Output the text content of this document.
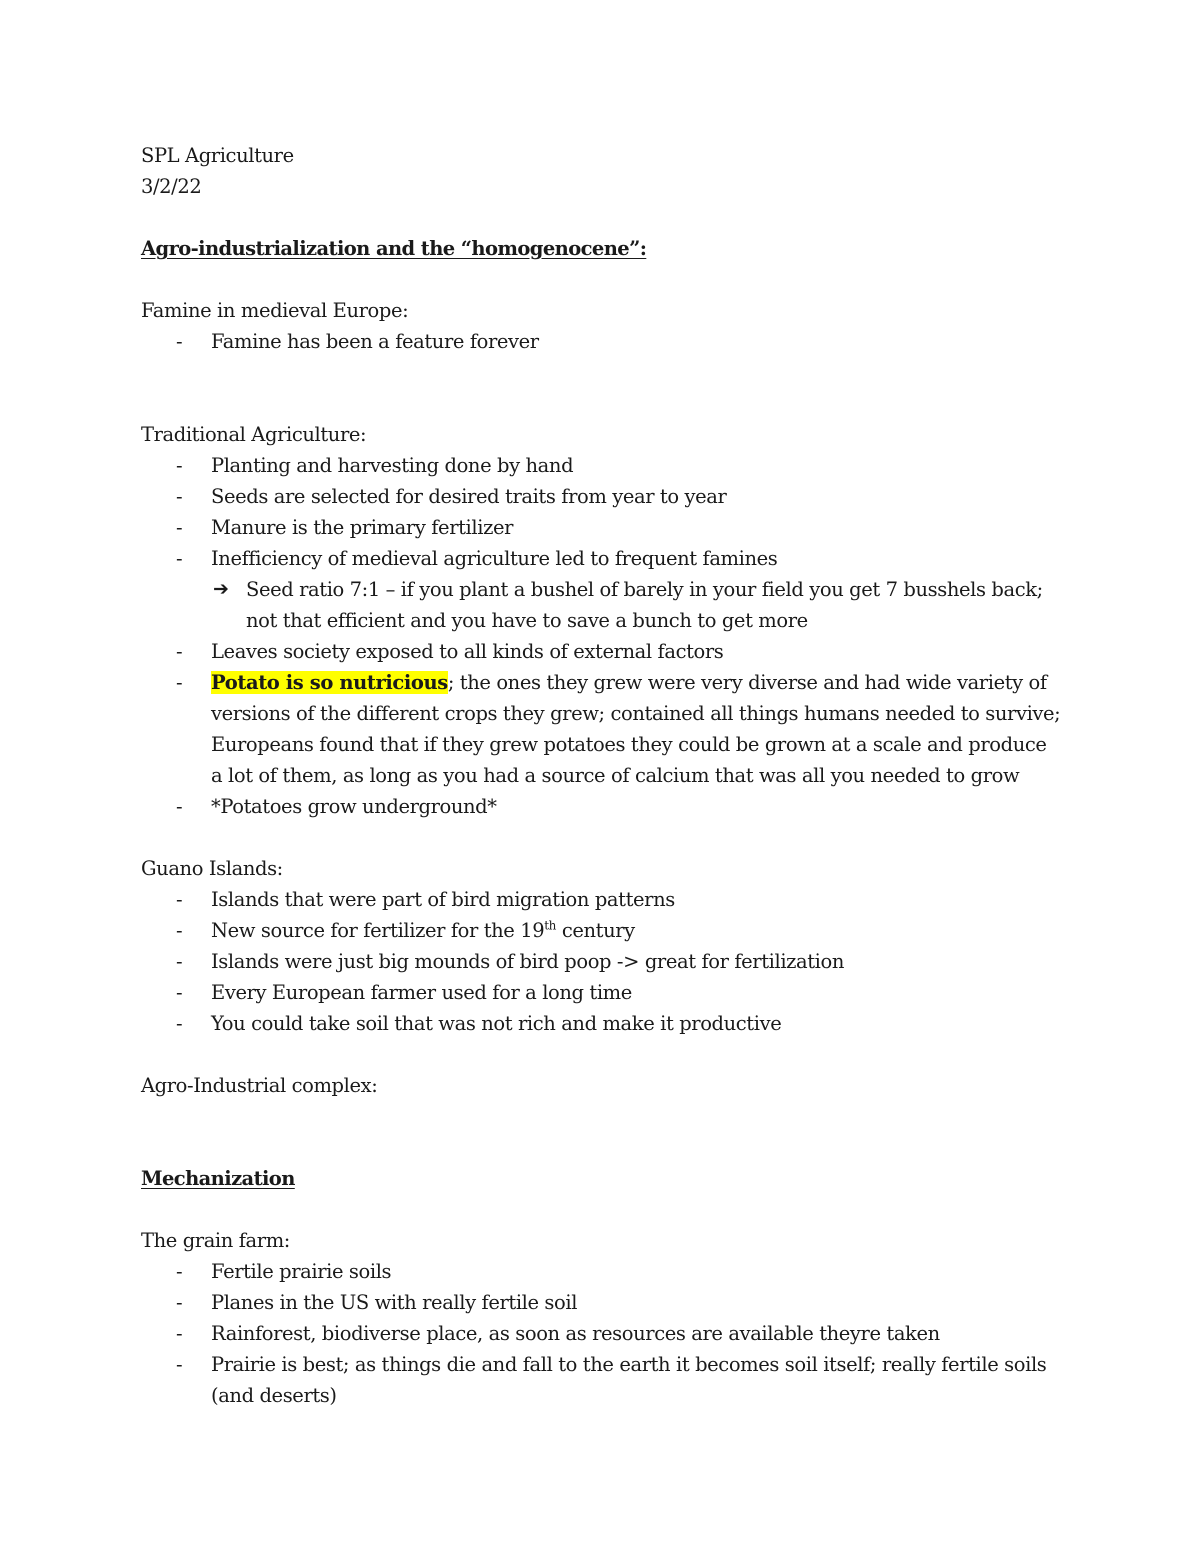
SPL Agriculture
3/2/22
Agro-industrialization and the “homogenocene”:
Famine in medieval Europe:
- Famine has been a feature forever
Traditional Agriculture:
- Planting and harvesting done by hand
- Seeds are selected for desired traits from year to year
- Manure is the primary fertilizer
- Inefficiency of medieval agriculture led to frequent famines
➔ Seed ratio 7:1 – if you plant a bushel of barely in your field you get 7 busshels back; not that efficient and you have to save a bunch to get more
- Leaves society exposed to all kinds of external factors
- Potato is so nutricious; the ones they grew were very diverse and had wide variety of versions of the different crops they grew; contained all things humans needed to survive; Europeans found that if they grew potatoes they could be grown at a scale and produce a lot of them, as long as you had a source of calcium that was all you needed to grow
- *Potatoes grow underground*
Guano Islands:
- Islands that were part of bird migration patterns
- New source for fertilizer for the 19th century
- Islands were just big mounds of bird poop -> great for fertilization
- Every European farmer used for a long time
- You could take soil that was not rich and make it productive
Agro-Industrial complex:
Mechanization
The grain farm:
- Fertile prairie soils
- Planes in the US with really fertile soil
- Rainforest, biodiverse place, as soon as resources are available theyre taken
- Prairie is best; as things die and fall to the earth it becomes soil itself; really fertile soils (and deserts)
